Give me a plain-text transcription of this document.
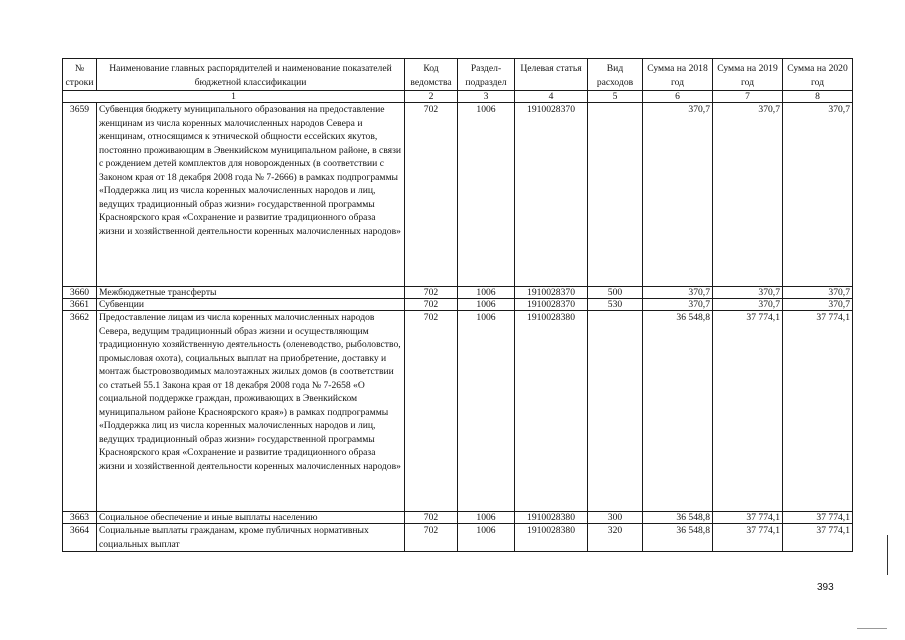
№ строки	Наименование главных распорядителей и наименование показателей бюджетной классификации	Код ведомства	Раздел-подраздел	Целевая статья	Вид расходов	Сумма на 2018 год	Сумма на 2019 год	Сумма на 2020 год
1		2	3	4	5	6	7	8
3659	Субвенция бюджету муниципального образования на предоставление женщинам из числа коренных малочисленных народов Севера и женщинам, относящимся к этнической общности ессейских якутов, постоянно проживающим в Эвенкийском муниципальном районе, в связи с рождением детей комплектов для новорожденных (в соответствии с Законом края от 18 декабря 2008 года № 7-2666) в рамках подпрограммы «Поддержка лиц из числа коренных малочисленных народов и лиц, ведущих традиционный образ жизни» государственной программы Красноярского края «Сохранение и развитие традиционного образа жизни и хозяйственной деятельности коренных малочисленных народов»	702	1006	1910028370		370,7	370,7	370,7
3660	Межбюджетные трансферты	702	1006	1910028370	500	370,7	370,7	370,7
3661	Субвенции	702	1006	1910028370	530	370,7	370,7	370,7
3662	Предоставление лицам из числа коренных малочисленных народов Севера, ведущим традиционный образ жизни и осуществляющим традиционную хозяйственную деятельность (оленеводство, рыболовство, промысловая охота), социальных выплат на приобретение, доставку и монтаж быстровозводимых малоэтажных жилых домов (в соответствии со статьей 55.1 Закона края от 18 декабря 2008 года № 7-2658 «О социальной поддержке граждан, проживающих в Эвенкийском муниципальном районе Красноярского края») в рамках подпрограммы «Поддержка лиц из числа коренных малочисленных народов и лиц, ведущих традиционный образ жизни» государственной программы Красноярского края «Сохранение и развитие традиционного образа жизни и хозяйственной деятельности коренных малочисленных народов»	702	1006	1910028380		36 548,8	37 774,1	37 774,1
3663	Социальное обеспечение и иные выплаты населению	702	1006	1910028380	300	36 548,8	37 774,1	37 774,1
3664	Социальные выплаты гражданам, кроме публичных нормативных социальных выплат	702	1006	1910028380	320	36 548,8	37 774,1	37 774,1
393
